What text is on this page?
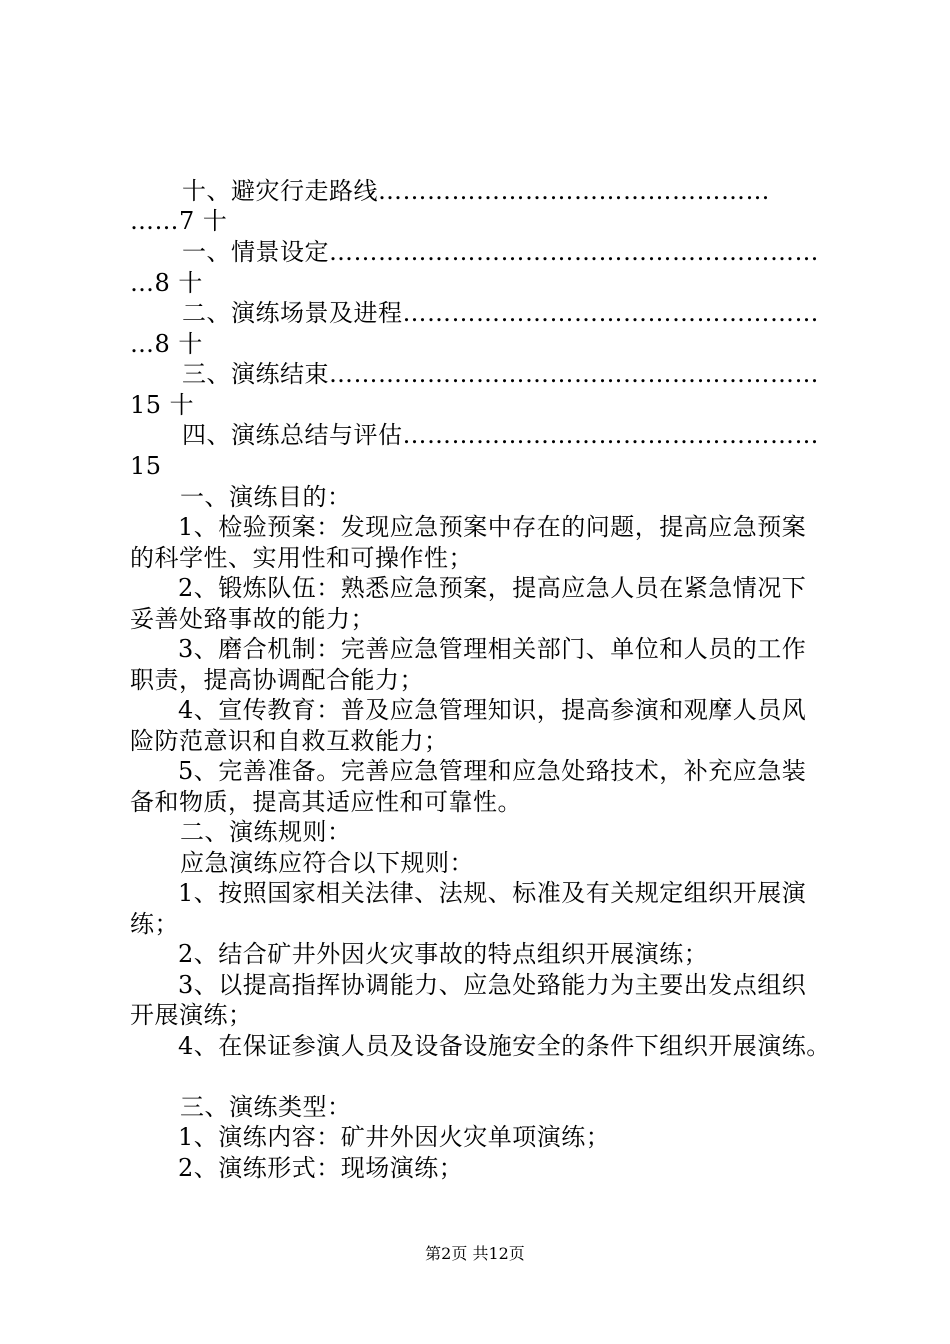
十、避灾行走路线…………………………………………
……7 十
一、情景设定……………………………………………………
…8 十
二、演练场景及进程……………………………………………
…8 十
三、演练结束……………………………………………………
15 十
四、演练总结与评估……………………………………………
15
一、演练目的：
1、检验预案：发现应急预案中存在的问题，提高应急预案
的科学性、实用性和可操作性；
2、锻炼队伍：熟悉应急预案，提高应急人员在紧急情况下
妥善处臵事故的能力；
3、磨合机制：完善应急管理相关部门、单位和人员的工作
职责，提高协调配合能力；
4、宣传教育：普及应急管理知识，提高参演和观摩人员风
险防范意识和自救互救能力；
5、完善准备。完善应急管理和应急处臵技术，补充应急装
备和物质，提高其适应性和可靠性。
二、演练规则：
应急演练应符合以下规则：
1、按照国家相关法律、法规、标准及有关规定组织开展演
练；
2、结合矿井外因火灾事故的特点组织开展演练；
3、以提高指挥协调能力、应急处臵能力为主要出发点组织
开展演练；
4、在保证参演人员及设备设施安全的条件下组织开展演练。
三、演练类型：
1、演练内容：矿井外因火灾单项演练；
2、演练形式：现场演练；
第2页 共12页
